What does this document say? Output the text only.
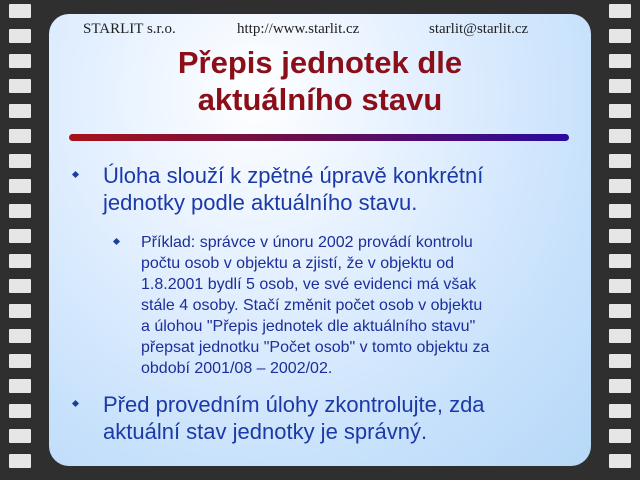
STARLIT s.r.o.	http://www.starlit.cz	starlit@starlit.cz
Přepis jednotek dle
aktuálního stavu
Úloha slouží k zpětné úpravě konkrétní
jednotky podle aktuálního stavu.
Příklad: správce v únoru 2002 provádí kontrolu
počtu osob v objektu a zjistí, že v objektu od
1.8.2001 bydlí 5 osob, ve své evidenci má však
stále 4 osoby. Stačí změnit počet osob v objektu
a úlohou "Přepis jednotek dle aktuálního stavu"
přepsat jednotku "Počet osob" v tomto objektu za
období 2001/08 – 2002/02.
Před provedním úlohy zkontrolujte, zda
aktuální stav jednotky je správný.
